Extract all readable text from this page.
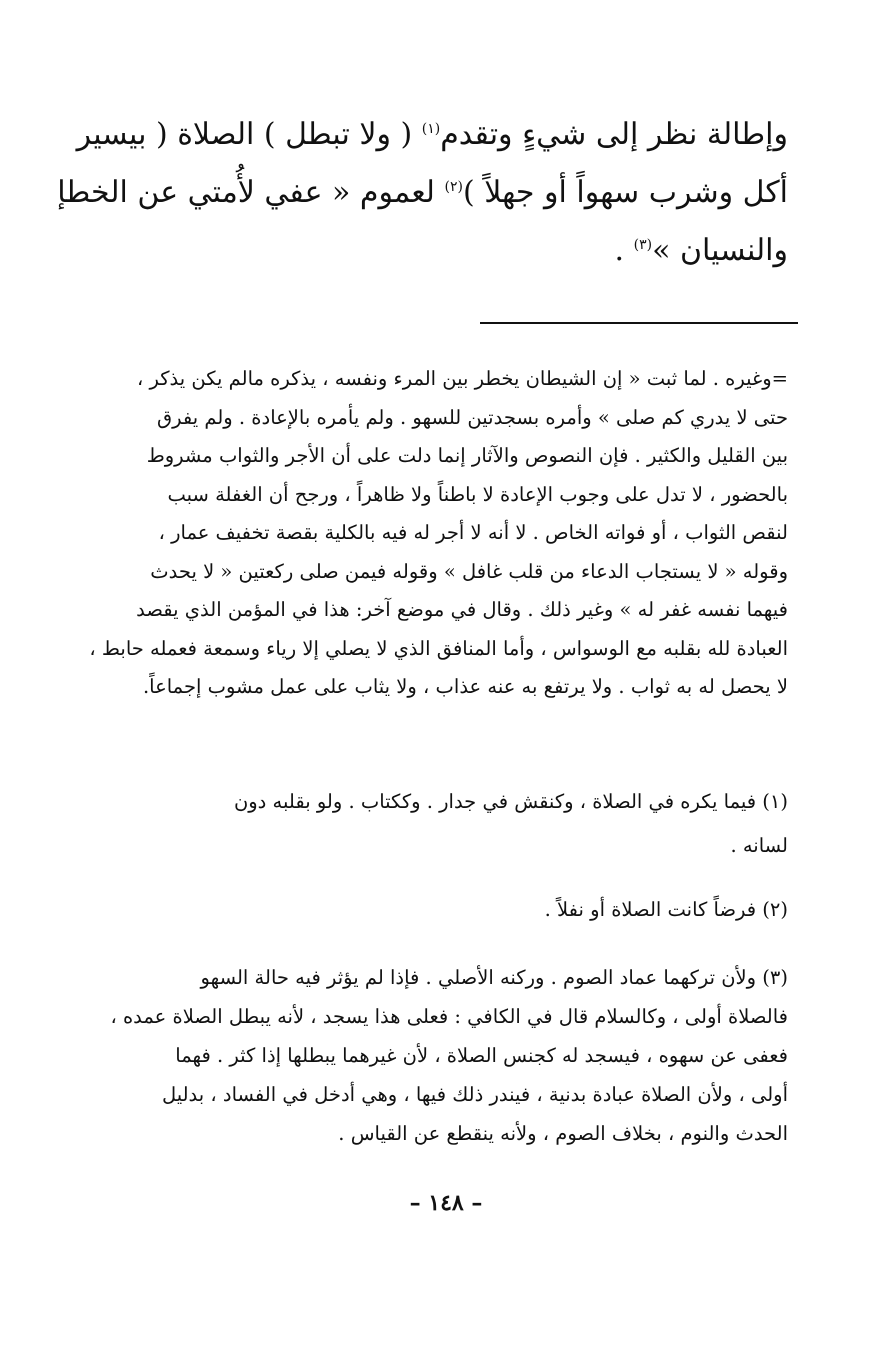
وإطالة نظر إلى شيءٍ وتقدم$^{(١)}$ ( ولا تبطل ) الصلاة ( بيسير
أكل وشرب سهواً أو جهلاً )$^{(٢)}$ لعموم « عفي لأُمتي عن الخطإ
والنسيان »$^{(٣)}$ .
=وغيره . لما ثبت « إن الشيطان يخطر بين المرء ونفسه ، يذكره مالم يكن يذكر ،
حتى لا يدري كم صلى » وأمره بسجدتين للسهو . ولم يأمره بالإعادة . ولم يفرق
بين القليل والكثير . فإن النصوص والآثار إنما دلت على أن الأجر والثواب مشروط
بالحضور ، لا تدل على وجوب الإعادة لا باطناً ولا ظاهراً ، ورجح أن الغفلة سبب
لنقص الثواب ، أو فواته الخاص . لا أنه لا أجر له فيه بالكلية بقصة تخفيف عمار ،
وقوله « لا يستجاب الدعاء من قلب غافل » وقوله فيمن صلى ركعتين « لا يحدث
فيهما نفسه غفر له » وغير ذلك . وقال في موضع آخر: هذا في المؤمن الذي يقصد
العبادة لله بقلبه مع الوسواس ، وأما المنافق الذي لا يصلي إلا رياء وسمعة فعمله حابط ،
لا يحصل له به ثواب . ولا يرتفع به عنه عذاب ، ولا يثاب على عمل مشوب إجماعاً.
(١) فيما يكره في الصلاة ، وكنقش في جدار . وككتاب . ولو بقلبه دون
لسانه .
(٢) فرضاً كانت الصلاة أو نفلاً .
(٣) ولأن تركهما عماد الصوم . وركنه الأصلي . فإذا لم يؤثر فيه حالة السهو
فالصلاة أولى ، وكالسلام قال في الكافي : فعلى هذا يسجد ، لأنه يبطل الصلاة عمده ،
فعفى عن سهوه ، فيسجد له كجنس الصلاة ، لأن غيرهما يبطلها إذا كثر . فهما
أولى ، ولأن الصلاة عبادة بدنية ، فيندر ذلك فيها ، وهي أدخل في الفساد ، بدليل
الحدث والنوم ، بخلاف الصوم ، ولأنه ينقطع عن القياس .
– ١٤٨ –
